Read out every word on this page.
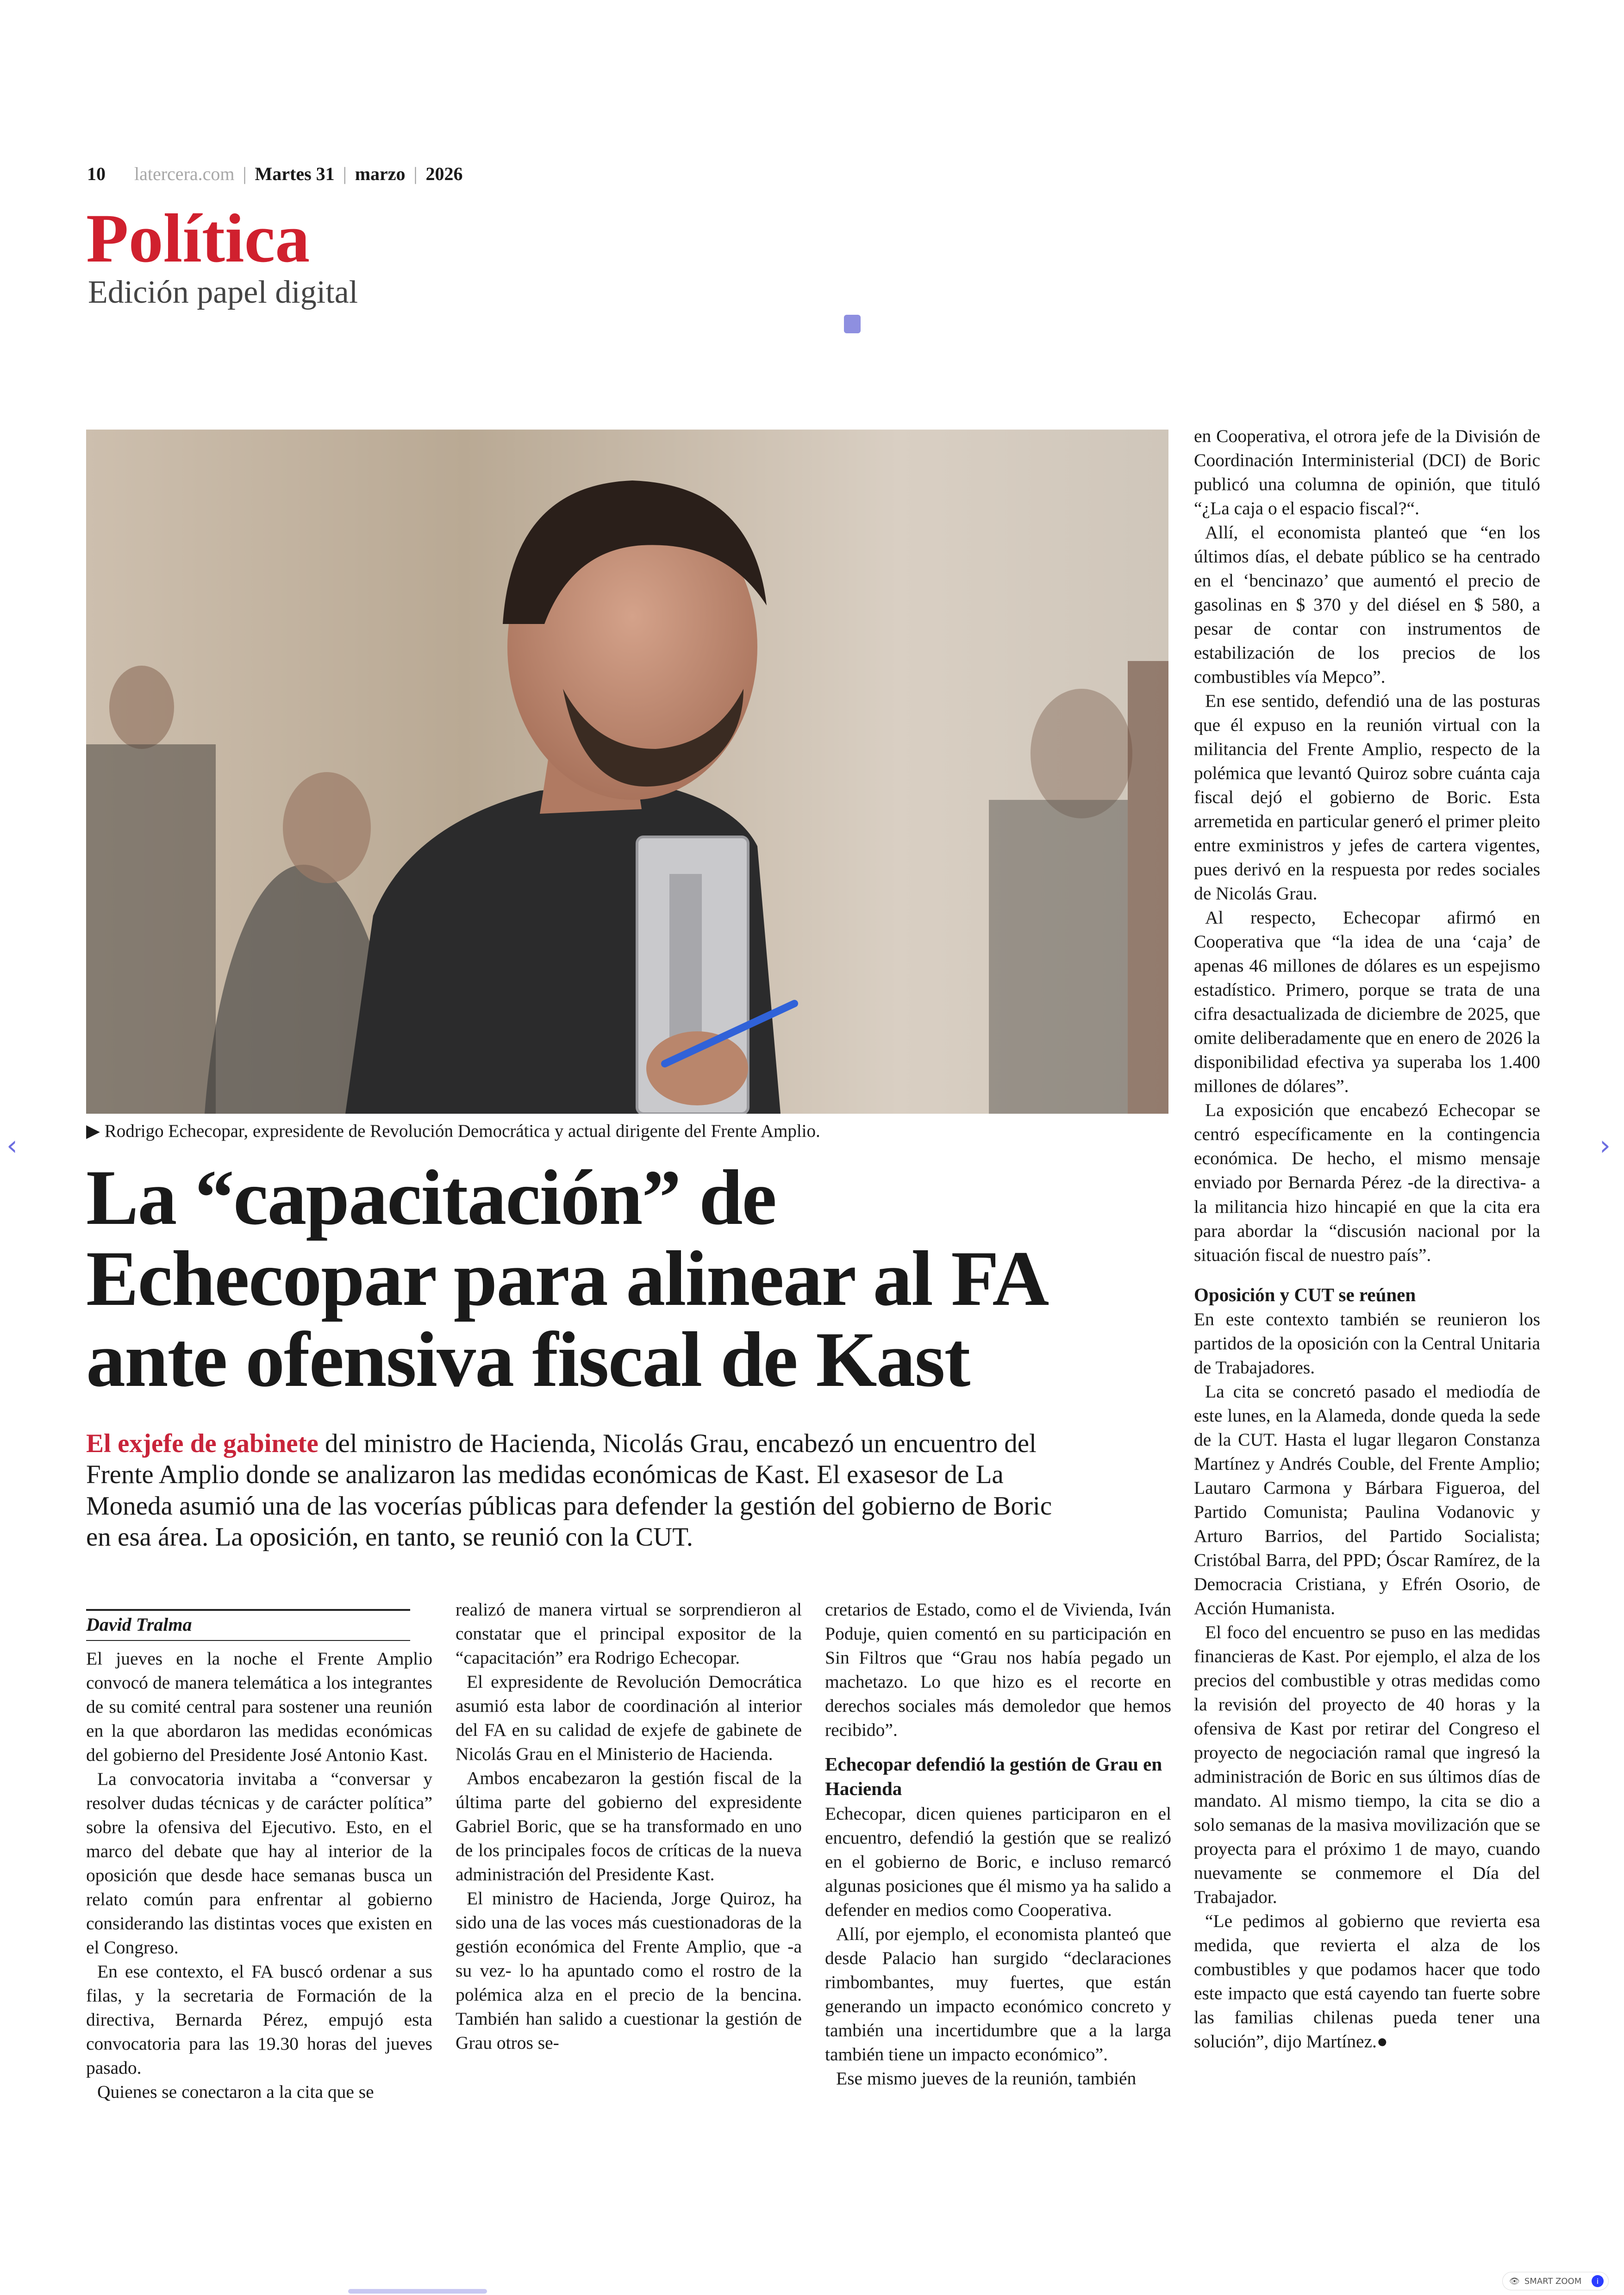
10 latercera.com | Martes 31 | marzo | 2026
Política
Edición papel digital
▶ Rodrigo Echecopar, expresidente de Revolución Democrática y actual dirigente del Frente Amplio.
La “capacitación” de
Echecopar para alinear al FA
ante ofensiva fiscal de Kast
El exjefe de gabinete del ministro de Hacienda, Nicolás Grau, encabezó un encuentro del Frente Amplio donde se analizaron las medidas económicas de Kast. El exasesor de La Moneda asumió una de las vocerías públicas para defender la gestión del gobierno de Boric en esa área. La oposición, en tanto, se reunió con la CUT.
David Tralma

El jueves en la noche el Frente Amplio convocó de manera telemática a los integrantes de su comité central para sostener una reunión en la que abordaron las medidas económicas del gobierno del Presidente José Antonio Kast.

La convocatoria invitaba a “conversar y resolver dudas técnicas y de carácter política” sobre la ofensiva del Ejecutivo. Esto, en el marco del debate que hay al interior de la oposición que desde hace semanas busca un relato común para enfrentar al gobierno considerando las distintas voces que existen en el Congreso.

En ese contexto, el FA buscó ordenar a sus filas, y la secretaria de Formación de la directiva, Bernarda Pérez, empujó esta convocatoria para las 19.30 horas del jueves pasado.

Quienes se conectaron a la cita que se

realizó de manera virtual se sorprendieron al constatar que el principal expositor de la “capacitación” era Rodrigo Echecopar.

El expresidente de Revolución Democrática asumió esta labor de coordinación al interior del FA en su calidad de exjefe de gabinete de Nicolás Grau en el Ministerio de Hacienda.

Ambos encabezaron la gestión fiscal de la última parte del gobierno del expresidente Gabriel Boric, que se ha transformado en uno de los principales focos de críticas de la nueva administración del Presidente Kast.

El ministro de Hacienda, Jorge Quiroz, ha sido una de las voces más cuestionadoras de la gestión económica del Frente Amplio, que -a su vez- lo ha apuntado como el rostro de la polémica alza en el precio de la bencina. También han salido a cuestionar la gestión de Grau otros se-

cretarios de Estado, como el de Vivienda, Iván Poduje, quien comentó en su participación en Sin Filtros que “Grau nos había pegado un machetazo. Lo que hizo es el recorte en derechos sociales más demoledor que hemos recibido”.

Echecopar defendió la gestión de Grau en Hacienda

Echecopar, dicen quienes participaron en el encuentro, defendió la gestión que se realizó en el gobierno de Boric, e incluso remarcó algunas posiciones que él mismo ya ha salido a defender en medios como Cooperativa.

Allí, por ejemplo, el economista planteó que desde Palacio han surgido “declaraciones rimbombantes, muy fuertes, que están generando un impacto económico concreto y también una incertidumbre que a la larga también tiene un impacto económico”.

Ese mismo jueves de la reunión, también

en Cooperativa, el otrora jefe de la División de Coordinación Interministerial (DCI) de Boric publicó una columna de opinión, que tituló “¿La caja o el espacio fiscal?“.

Allí, el economista planteó que “en los últimos días, el debate público se ha centrado en el ‘bencinazo’ que aumentó el precio de gasolinas en $ 370 y del diésel en $ 580, a pesar de contar con instrumentos de estabilización de los precios de los combustibles vía Mepco”.

En ese sentido, defendió una de las posturas que él expuso en la reunión virtual con la militancia del Frente Amplio, respecto de la polémica que levantó Quiroz sobre cuánta caja fiscal dejó el gobierno de Boric. Esta arremetida en particular generó el primer pleito entre exministros y jefes de cartera vigentes, pues derivó en la respuesta por redes sociales de Nicolás Grau.

Al respecto, Echecopar afirmó en Cooperativa que “la idea de una ‘caja’ de apenas 46 millones de dólares es un espejismo estadístico. Primero, porque se trata de una cifra desactualizada de diciembre de 2025, que omite deliberadamente que en enero de 2026 la disponibilidad efectiva ya superaba los 1.400 millones de dólares”.

La exposición que encabezó Echecopar se centró específicamente en la contingencia económica. De hecho, el mismo mensaje enviado por Bernarda Pérez -de la directiva- a la militancia hizo hincapié en que la cita era para abordar la “discusión nacional por la situación fiscal de nuestro país”.

Oposición y CUT se reúnen

En este contexto también se reunieron los partidos de la oposición con la Central Unitaria de Trabajadores.

La cita se concretó pasado el mediodía de este lunes, en la Alameda, donde queda la sede de la CUT. Hasta el lugar llegaron Constanza Martínez y Andrés Couble, del Frente Amplio; Lautaro Carmona y Bárbara Figueroa, del Partido Comunista; Paulina Vodanovic y Arturo Barrios, del Partido Socialista; Cristóbal Barra, del PPD; Óscar Ramírez, de la Democracia Cristiana, y Efrén Osorio, de Acción Humanista.

El foco del encuentro se puso en las medidas financieras de Kast. Por ejemplo, el alza de los precios del combustible y otras medidas como la revisión del proyecto de 40 horas y la ofensiva de Kast por retirar del Congreso el proyecto de negociación ramal que ingresó la administración de Boric en sus últimos días de mandato. Al mismo tiempo, la cita se dio a solo semanas de la masiva movilización que se proyecta para el próximo 1 de mayo, cuando nuevamente se conmemore el Día del Trabajador.

“Le pedimos al gobierno que revierta esa medida, que revierta el alza de los combustibles y que podamos hacer que todo este impacto que está cayendo tan fuerte sobre las familias chilenas pueda tener una solución”, dijo Martínez.●

‹	›
👁 SMART ZOOM	i
